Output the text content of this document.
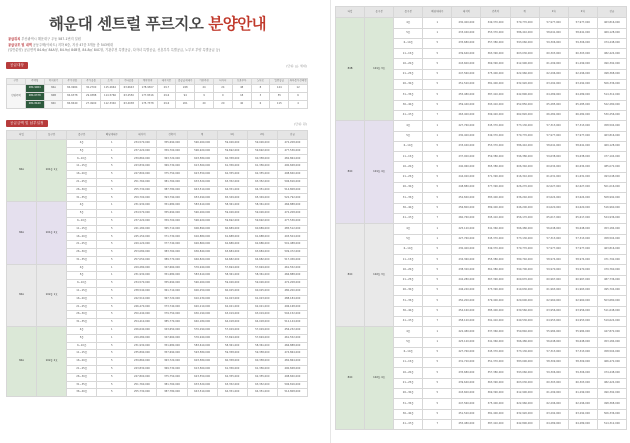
해운대 센트럴 푸르지오 분양안내
공급위치 부산광역시 해운대구 우동 587-1번지 일원
공급규모 및 내역 공동주택(아파트) 지하 6층, 지상 47층 3개동 총 543세대
(일반분양) 공급면적 84.6㎡ 84A형, 84.9㎡ 84B형, 84.8㎡ 84C형, 기관추천 특별공급, 다자녀 특별공급, 신혼부부 특별공급, 노부모 부양 특별공급 등)
공급대상	(단위: ㎡, 세대)
구분	주택형	약식표기	주거전용	주거공용	소계	기타공용	계약면적	대지지분	총공급세대수	기관추천	다자녀	신혼부부	노부모	일반공급	최하층우선배정
민영주택	084.9964	84A	84.9964	30.2700	115.2664	63.6643	178.9307	29.7	248	24	24	48	8	144	12
	084.6378	84B	84.6378	29.9388	114.5766	63.2550	177.8316	29.6	94	9	9	18	3	55	6
	084.8440	84C	84.8440	27.4900	112.3340	63.4038	175.7378	29.6	201	20	20	40	6	115	4
공급금액 및 납부일정	(단위: 원)
타입	동구분	층구분	해당세대수	대지비	건축비	계	1차	2차	잔금
84A	101동 1호	4층	1	234,570,000	355,690,000	590,260,000	59,026,000	59,026,000	472,208,000
		5층	1	237,220,000	359,700,000	596,920,000	59,692,000	59,692,000	477,536,000
		6~10층	5	239,860,000	363,720,000	603,580,000	60,358,000	60,358,000	482,864,000
		11~15층	5	243,830,000	369,730,000	613,560,000	61,356,000	61,356,000	490,848,000
		16~20층	5	247,800,000	375,750,000	623,550,000	62,355,000	62,355,000	498,840,000
		21~25층	5	251,760,000	381,760,000	633,520,000	63,352,000	63,352,000	506,816,000
		26~30층	5	255,730,000	387,780,000	643,510,000	64,351,000	64,351,000	514,808,000
		31~35층	5	259,700,000	393,790,000	653,490,000	65,349,000	65,349,000	522,792,000
84A	101동 2호	4층	1	231,930,000	351,680,000	583,610,000	58,361,000	58,361,000	466,888,000
		5층	1	234,570,000	355,690,000	590,260,000	59,026,000	59,026,000	472,208,000
		6~10층	5	237,220,000	359,700,000	596,920,000	59,692,000	59,692,000	477,536,000
		11~15층	5	241,180,000	365,710,000	606,890,000	60,689,000	60,689,000	485,512,000
		16~20층	5	245,150,000	371,730,000	616,880,000	61,688,000	61,688,000	493,504,000
		21~25층	5	249,120,000	377,740,000	626,860,000	62,686,000	62,686,000	501,488,000
		26~30층	5	253,080,000	383,760,000	636,840,000	63,684,000	63,684,000	509,472,000
		31~35층	5	257,050,000	389,770,000	646,820,000	64,682,000	64,682,000	517,456,000
84A	102동 1호	4층	1	229,280,000	347,660,000	576,940,000	57,694,000	57,694,000	461,552,000
		5층	1	231,930,000	351,680,000	583,610,000	58,361,000	58,361,000	466,888,000
		6~10층	5	234,570,000	355,690,000	590,260,000	59,026,000	59,026,000	472,208,000
		11~15층	5	238,540,000	361,710,000	600,250,000	60,025,000	60,025,000	480,200,000
		16~20층	5	242,510,000	367,720,000	610,230,000	61,023,000	61,023,000	488,184,000
		21~25층	5	246,470,000	373,740,000	620,210,000	62,021,000	62,021,000	496,168,000
		26~30층	5	250,440,000	379,750,000	630,190,000	63,019,000	63,019,000	504,152,000
		31~35층	5	254,410,000	385,770,000	640,180,000	64,018,000	64,018,000	512,144,000
84A	102동 2호	4층	1	226,640,000	343,650,000	570,290,000	57,029,000	57,029,000	456,232,000
		5층	1	229,280,000	347,660,000	576,940,000	57,694,000	57,694,000	461,552,000
		6~10층	5	231,930,000	351,680,000	583,610,000	58,361,000	58,361,000	466,888,000
		11~15층	5	235,890,000	357,690,000	593,580,000	59,358,000	59,358,000	474,864,000
		16~20층	5	239,860,000	363,720,000	603,580,000	60,358,000	60,358,000	482,864,000
		21~25층	5	243,830,000	369,730,000	613,560,000	61,356,000	61,356,000	490,848,000
		26~30층	5	247,800,000	375,750,000	623,550,000	62,355,000	62,355,000	498,840,000
		31~35층	5	251,760,000	381,760,000	633,520,000	63,352,000	63,352,000	506,816,000
		36~40층	5	255,730,000	387,780,000	643,510,000	64,351,000	64,351,000	514,808,000
타입	동구분	층구분	해당세대수	대지비	건축비	계	1차	2차	잔금
84B	101동 3호	4층	1	230,400,000	349,370,000	579,770,000	57,977,000	57,977,000	463,816,000
		5층	1	233,040,000	353,370,000	586,410,000	58,641,000	58,641,000	469,128,000
		6~10층	5	235,680,000	357,380,000	593,060,000	59,306,000	59,306,000	474,448,000
		11~15층	5	239,640,000	363,390,000	603,030,000	60,303,000	60,303,000	482,424,000
		16~20층	5	243,600,000	369,390,000	612,990,000	61,299,000	61,299,000	490,392,000
		21~25층	5	247,560,000	375,400,000	622,960,000	62,296,000	62,296,000	498,368,000
		26~30층	5	251,520,000	381,400,000	632,920,000	63,292,000	63,292,000	506,336,000
		31~35층	5	255,480,000	387,410,000	642,890,000	64,289,000	64,289,000	514,312,000
		36~40층	5	259,440,000	393,410,000	652,850,000	65,285,000	65,285,000	522,280,000
		41~47층	7	263,400,000	399,420,000	662,820,000	66,282,000	66,282,000	530,256,000
84C	101동 4호	4층	1	227,760,000	345,370,000	573,130,000	57,313,000	57,313,000	458,504,000
		5층	1	230,400,000	349,370,000	579,770,000	57,977,000	57,977,000	463,816,000
		6~10층	5	233,040,000	353,370,000	586,410,000	58,641,000	58,641,000	469,128,000
		11~15층	5	237,000,000	359,380,000	596,380,000	59,638,000	59,638,000	477,104,000
		16~20층	5	240,960,000	365,380,000	606,340,000	60,634,000	60,634,000	485,072,000
		21~25층	5	244,920,000	371,390,000	616,310,000	61,631,000	61,631,000	493,048,000
		26~30층	5	248,880,000	377,390,000	626,270,000	62,627,000	62,627,000	501,016,000
		31~35층	5	252,840,000	383,400,000	636,240,000	63,624,000	63,624,000	508,992,000
		36~40층	5	256,800,000	389,400,000	646,200,000	64,620,000	64,620,000	516,960,000
		41~47층	7	260,760,000	395,410,000	656,170,000	65,617,000	65,617,000	524,936,000
84C	102동 3호	4층	1	225,120,000	341,360,000	566,480,000	56,648,000	56,648,000	453,184,000
		5층	1	227,760,000	345,370,000	573,130,000	57,313,000	57,313,000	458,504,000
		6~10층	5	230,400,000	349,370,000	579,770,000	57,977,000	57,977,000	463,816,000
		11~15층	5	234,360,000	355,380,000	589,740,000	58,974,000	58,974,000	471,792,000
		16~20층	5	238,320,000	361,380,000	599,700,000	59,970,000	59,970,000	479,760,000
		21~25층	5	242,280,000	367,390,000	609,670,000	60,967,000	60,967,000	487,736,000
		26~30층	5	246,240,000	373,390,000	619,630,000	61,963,000	61,963,000	495,704,000
		31~35층	5	250,200,000	379,400,000	629,600,000	62,960,000	62,960,000	503,680,000
		36~40층	5	254,160,000	385,400,000	639,560,000	63,956,000	63,956,000	511,648,000
		41~47층	7	258,120,000	391,410,000	649,530,000	64,953,000	64,953,000	519,624,000
84C	102동 4호	4층	1	222,480,000	337,360,000	559,840,000	55,984,000	55,984,000	447,872,000
		5층	1	225,120,000	341,360,000	566,480,000	56,648,000	56,648,000	453,184,000
		6~10층	5	227,760,000	345,370,000	573,130,000	57,313,000	57,313,000	458,504,000
		11~15층	5	231,720,000	351,370,000	583,090,000	58,309,000	58,309,000	466,472,000
		16~20층	5	235,680,000	357,380,000	593,060,000	59,306,000	59,306,000	474,448,000
		21~25층	5	239,640,000	363,390,000	603,030,000	60,303,000	60,303,000	482,424,000
		26~30층	5	243,600,000	369,390,000	612,990,000	61,299,000	61,299,000	490,392,000
		31~35층	5	247,560,000	375,400,000	622,960,000	62,296,000	62,296,000	498,368,000
		36~40층	5	251,520,000	381,400,000	632,920,000	63,292,000	63,292,000	506,336,000
		41~47층	7	255,480,000	387,410,000	642,890,000	64,289,000	64,289,000	514,312,000
